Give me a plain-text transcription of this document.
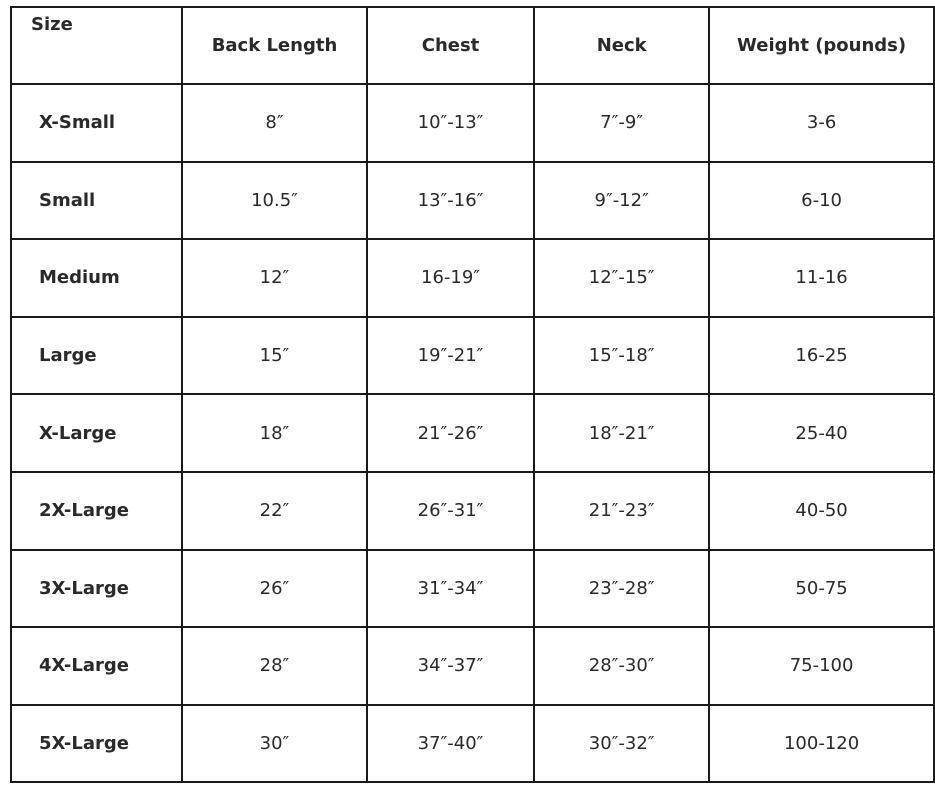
Size	Back Length	Chest	Neck	Weight (pounds)
X-Small	8″	10″-13″	7″-9″	3-6
Small	10.5″	13″-16″	9″-12″	6-10
Medium	12″	16-19″	12″-15″	11-16
Large	15″	19″-21″	15″-18″	16-25
X-Large	18″	21″-26″	18″-21″	25-40
2X-Large	22″	26″-31″	21″-23″	40-50
3X-Large	26″	31″-34″	23″-28″	50-75
4X-Large	28″	34″-37″	28″-30″	75-100
5X-Large	30″	37″-40″	30″-32″	100-120
